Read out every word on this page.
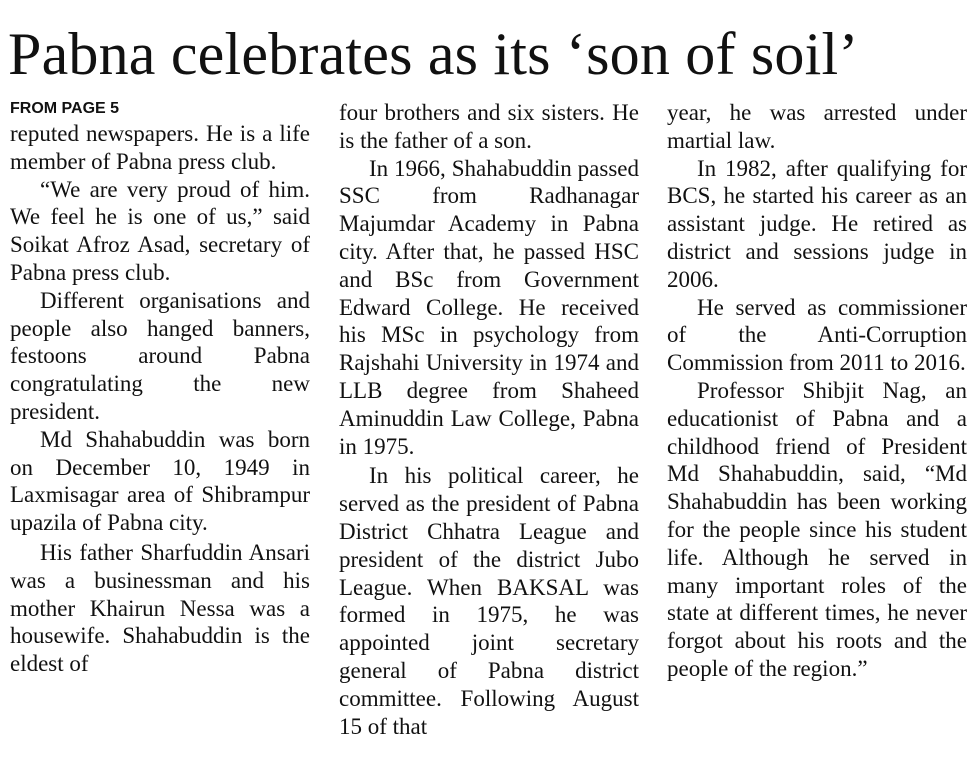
Pabna celebrates as its ‘son of soil’
FROM PAGE 5

reputed newspapers. He is a life member of Pabna press club.

“We are very proud of him. We feel he is one of us,” said Soikat Afroz Asad, secretary of Pabna press club.

Different organisations and people also hanged banners, festoons around Pabna congratulating the new president.

Md Shahabuddin was born on December 10, 1949 in Laxmisagar area of Shibrampur upazila of Pabna city.

His father Sharfuddin Ansari was a businessman and his mother Khairun Nessa was a housewife. Shahabuddin is the eldest of

four brothers and six sisters. He is the father of a son.

In 1966, Shahabuddin passed SSC from Radhanagar Majumdar Academy in Pabna city. After that, he passed HSC and BSc from Government Edward College. He received his MSc in psychology from Rajshahi University in 1974 and LLB degree from Shaheed Aminuddin Law College, Pabna in 1975.

In his political career, he served as the president of Pabna District Chhatra League and president of the district Jubo League. When BAKSAL was formed in 1975, he was appointed joint secretary general of Pabna district committee. Following August 15 of that

year, he was arrested under martial law.

In 1982, after qualifying for BCS, he started his career as an assistant judge. He retired as district and sessions judge in 2006.

He served as commissioner of the Anti-Corruption Commission from 2011 to 2016.

Professor Shibjit Nag, an educationist of Pabna and a childhood friend of President Md Shahabuddin, said, “Md Shahabuddin has been working for the people since his student life. Although he served in many important roles of the state at different times, he never forgot about his roots and the people of the region.”
